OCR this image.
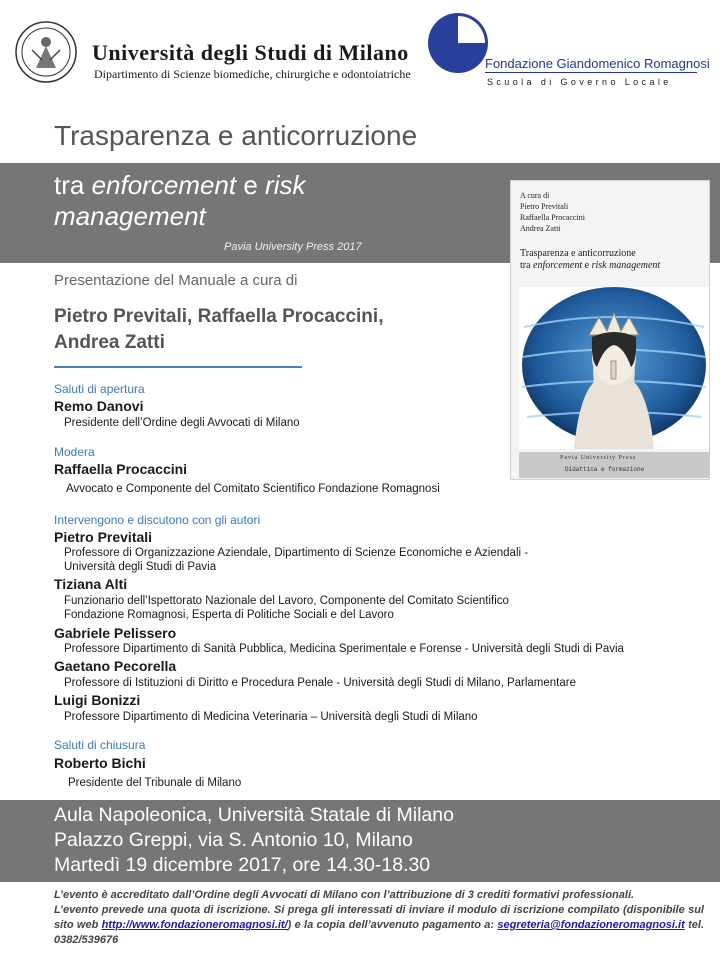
Università degli Studi di Milano
Dipartimento di Scienze biomediche, chirurgiche e odontoiatriche
Fondazione Giandomenico Romagnosi
Scuola di Governo Locale
Trasparenza e anticorruzione
tra enforcement e risk management
Pavia University Press 2017
A cura di
Pietro Previtali
Raffaella Procaccini
Andrea Zatti
Trasparenza e anticorruzione
tra enforcement e risk management
Pavia University Press
Didattica e formazione
Presentazione del Manuale a cura di
Pietro Previtali, Raffaella Procaccini,
Andrea Zatti
Saluti di apertura
Remo Danovi
Presidente dell’Ordine degli Avvocati di Milano
Modera
Raffaella Procaccini
Avvocato e Componente del Comitato Scientifico Fondazione Romagnosi
Intervengono e discutono con gli autori
Pietro Previtali
Professore di Organizzazione Aziendale, Dipartimento di Scienze Economiche e Aziendali -
Università degli Studi di Pavia
Tiziana Alti
Funzionario dell’Ispettorato Nazionale del Lavoro, Componente del Comitato Scientifico
Fondazione Romagnosi, Esperta di Politiche Sociali e del Lavoro
Gabriele Pelissero
Professore Dipartimento di Sanità Pubblica, Medicina Sperimentale e Forense - Università degli Studi di Pavia
Gaetano Pecorella
Professore di Istituzioni di Diritto e Procedura Penale - Università degli Studi di Milano, Parlamentare
Luigi Bonizzi
Professore Dipartimento di Medicina Veterinaria – Università degli Studi di Milano
Saluti di chiusura
Roberto Bichi
Presidente del Tribunale di Milano
Aula Napoleonica, Università Statale di Milano
Palazzo Greppi, via S. Antonio 10, Milano
Martedì 19 dicembre 2017, ore 14.30-18.30
L’evento è accreditato dall’Ordine degli Avvocati di Milano con l’attribuzione di 3 crediti formativi professionali.
L’evento prevede una quota di iscrizione. Si prega gli interessati di inviare il modulo di iscrizione compilato (disponibile sul sito web http://www.fondazioneromagnosi.it/) e la copia dell’avvenuto pagamento a: segreteria@fondazioneromagnosi.it tel. 0382/539676
